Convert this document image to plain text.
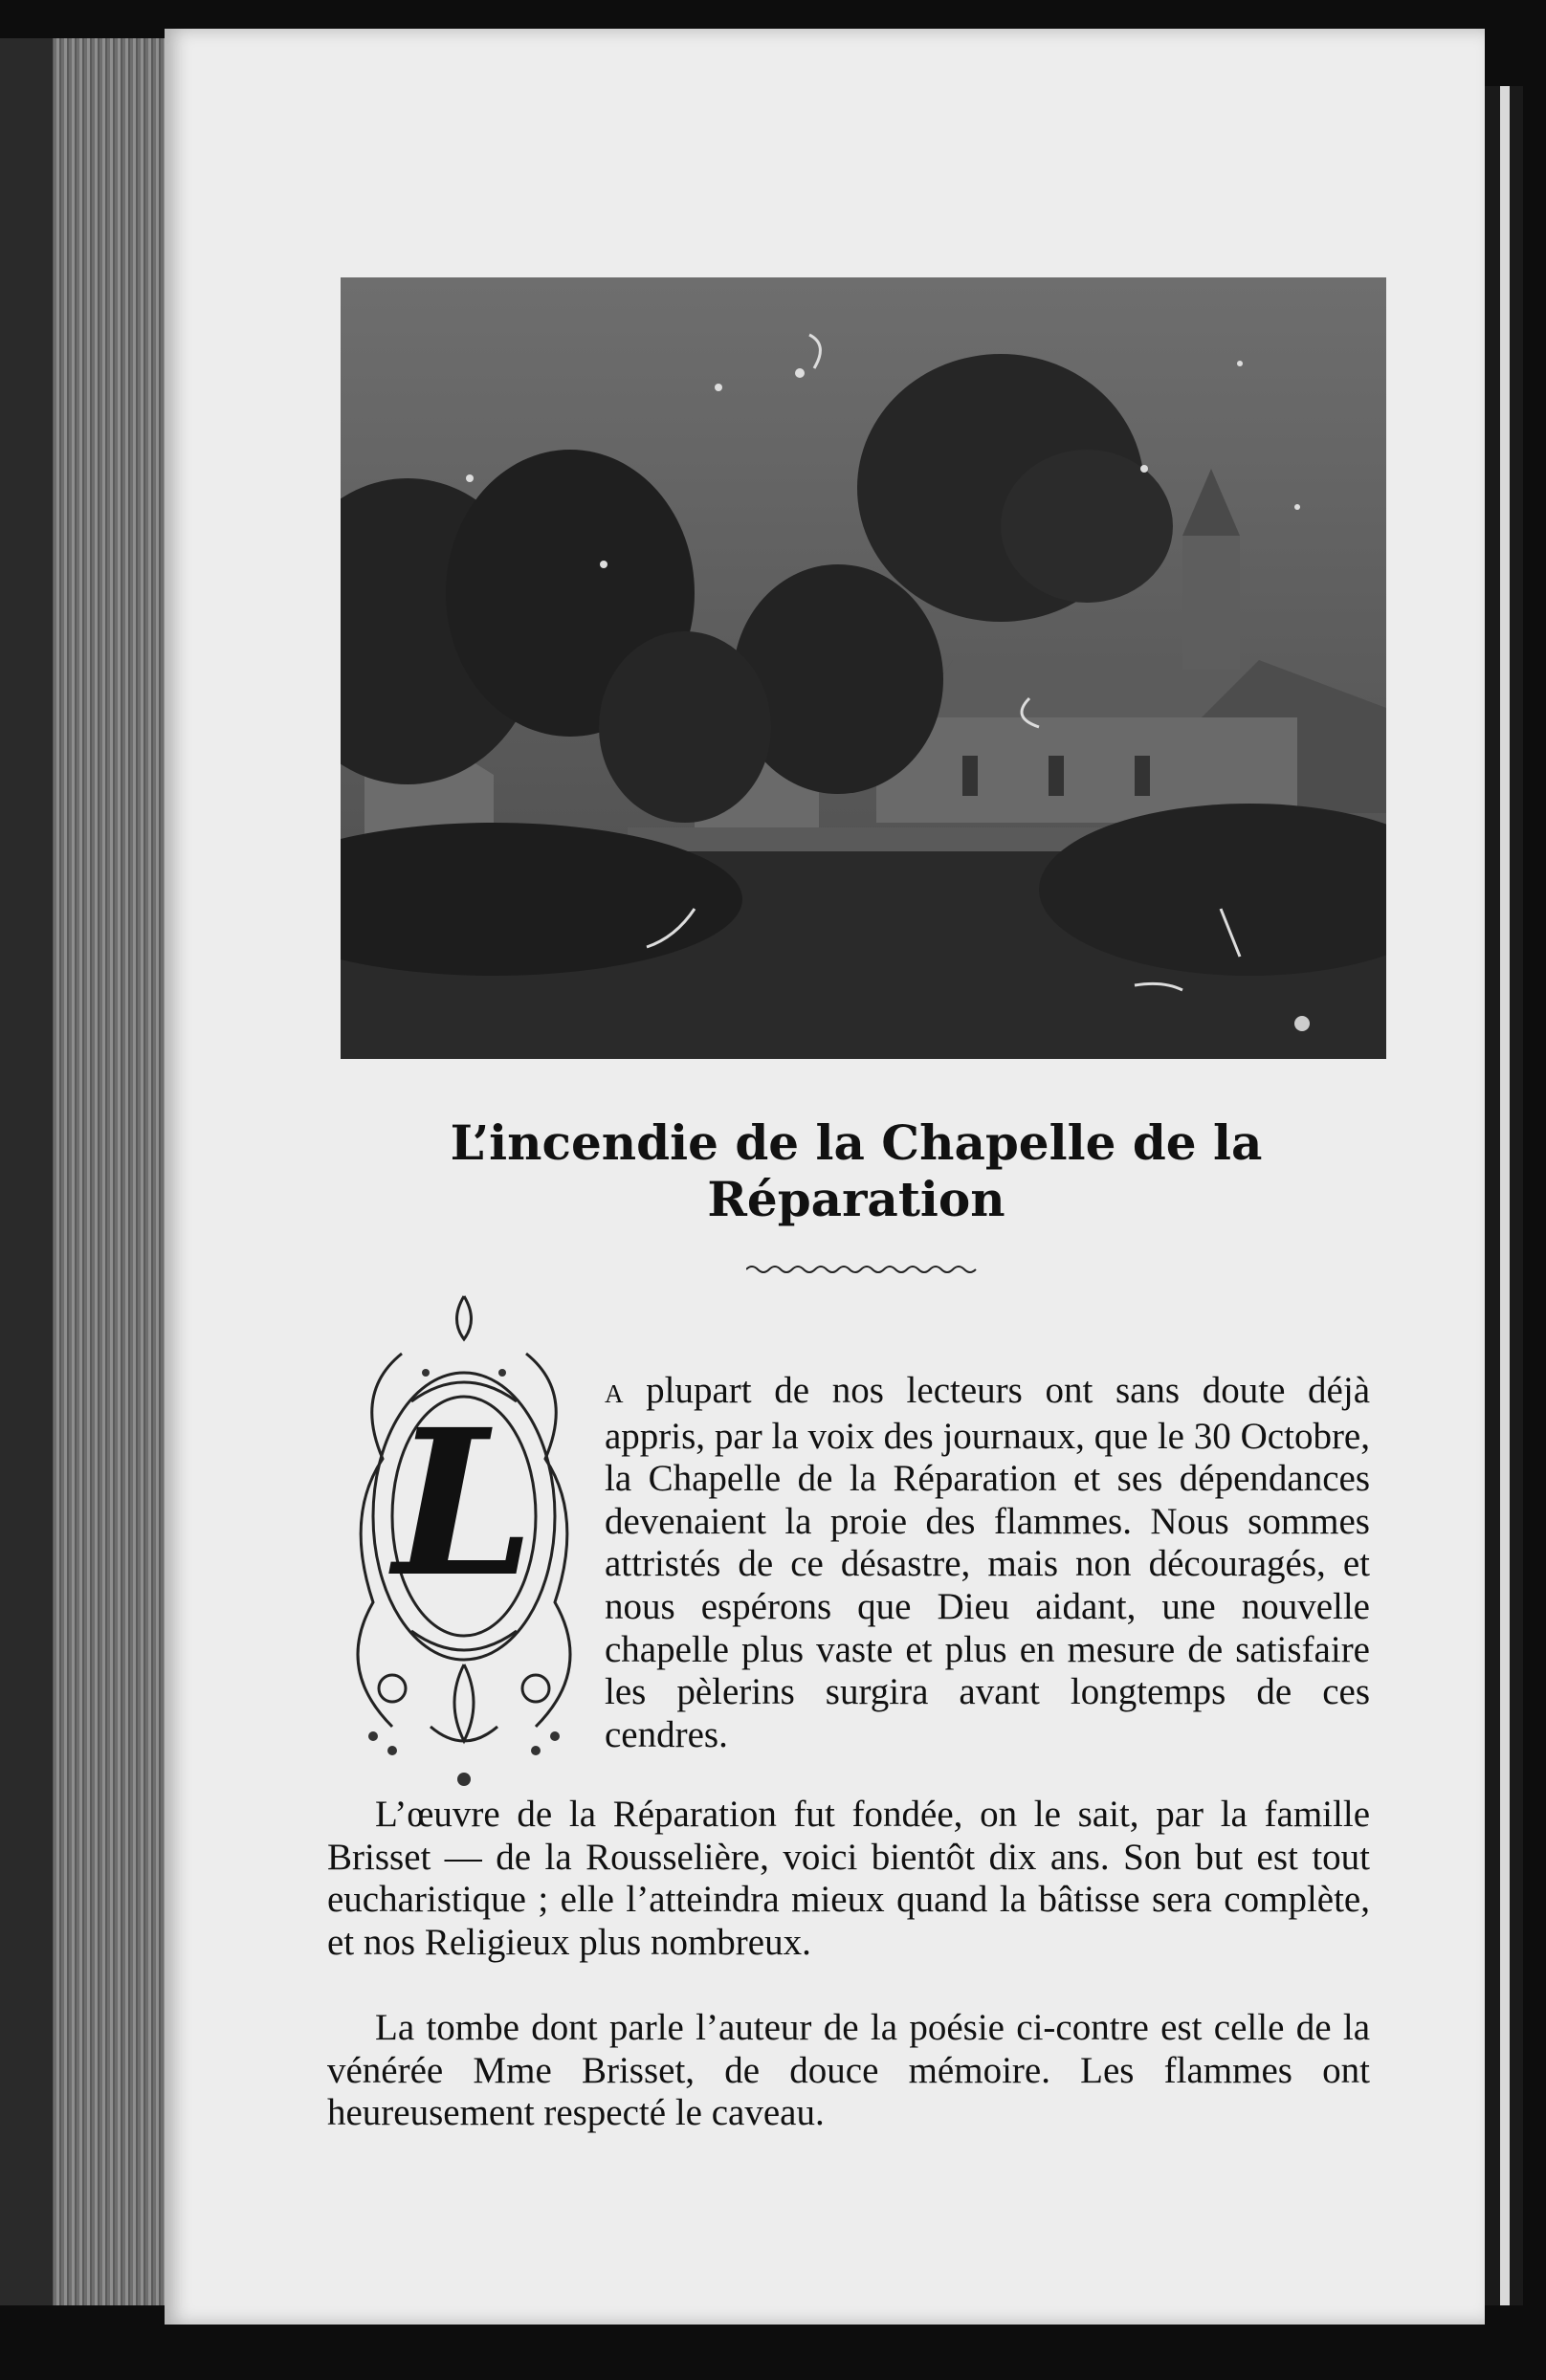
L’incendie de la Chapelle de la Réparation
L	A plupart de nos lecteurs ont sans doute déjà appris, par la voix des journaux, que le 30 Octobre, la Chapelle de la Réparation et ses dépendances devenaient la proie des flammes. Nous sommes attristés de ce désastre, mais non découragés, et nous espérons que Dieu aidant, une nouvelle chapelle plus vaste et plus en mesure de satisfaire les pèlerins surgira avant longtemps de ces cendres.

L’œuvre de la Réparation fut fondée, on le sait, par la famille Brisset — de la Rousselière, voici bientôt dix ans. Son but est tout eucharistique ; elle l’atteindra mieux quand la bâtisse sera complète, et nos Religieux plus nombreux.

La tombe dont parle l’auteur de la poésie ci-contre est celle de la vénérée Mme Brisset, de douce mémoire. Les flammes ont heureusement respecté le caveau.
